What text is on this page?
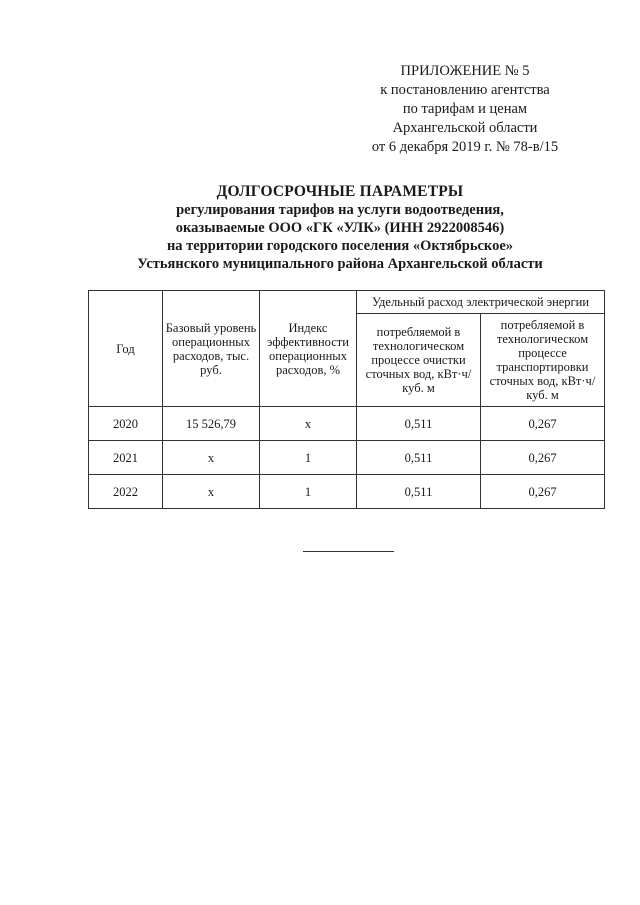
ПРИЛОЖЕНИЕ № 5
к постановлению агентства
по тарифам и ценам
Архангельской области
от 6 декабря 2019 г. № 78-в/15
ДОЛГОСРОЧНЫЕ ПАРАМЕТРЫ
регулирования тарифов на услуги водоотведения,
оказываемые ООО «ГК «УЛК» (ИНН 2922008546)
на территории городского поселения «Октябрьское»
Устьянского муниципального района Архангельской области
Год	Базовый уровень операционных расходов, тыс. руб.	Индекс эффективности операционных расходов, %	Удельный расход электрической энергии	
			потребляемой в технологическом процессе очистки сточных вод, кВт·ч/куб. м	потребляемой в технологическом процессе транспортировки сточных вод, кВт·ч/куб. м
2020	15 526,79	х	0,511	0,267
2021	х	1	0,511	0,267
2022	х	1	0,511	0,267
